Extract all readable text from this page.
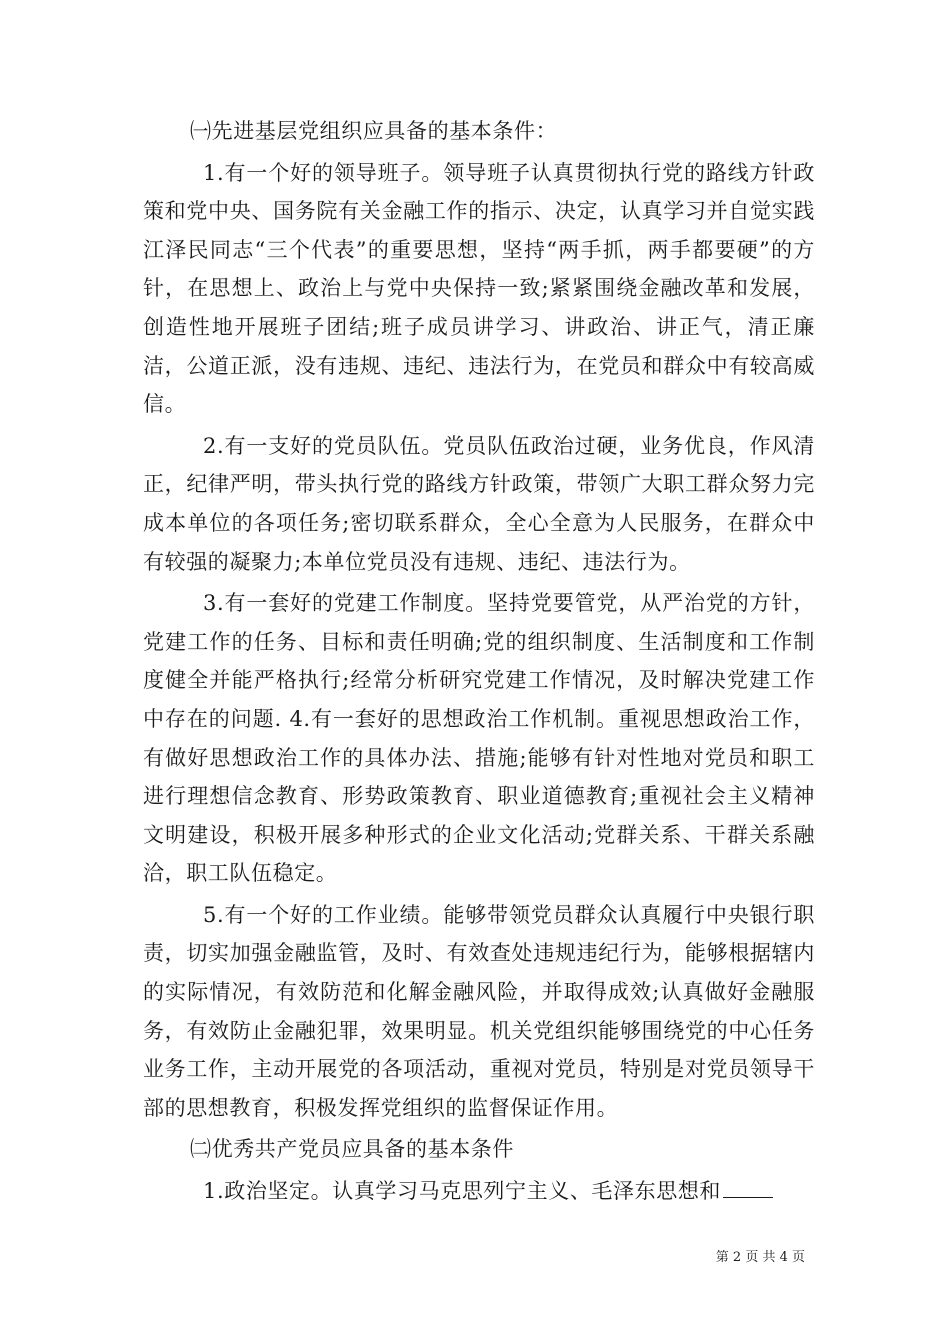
㈠先进基层党组织应具备的基本条件：

1.有一个好的领导班子。领导班子认真贯彻执行党的路线方针政策和党中央、国务院有关金融工作的指示、决定，认真学习并自觉实践江泽民同志“三个代表”的重要思想，坚持“两手抓，两手都要硬”的方针，在思想上、政治上与党中央保持一致;紧紧围绕金融改革和发展，创造性地开展班子团结;班子成员讲学习、讲政治、讲正气，清正廉洁，公道正派，没有违规、违纪、违法行为，在党员和群众中有较高威信。

2.有一支好的党员队伍。党员队伍政治过硬，业务优良，作风清正，纪律严明，带头执行党的路线方针政策，带领广大职工群众努力完成本单位的各项任务;密切联系群众，全心全意为人民服务，在群众中有较强的凝聚力;本单位党员没有违规、违纪、违法行为。

3.有一套好的党建工作制度。坚持党要管党，从严治党的方针，党建工作的任务、目标和责任明确;党的组织制度、生活制度和工作制度健全并能严格执行;经常分析研究党建工作情况，及时解决党建工作中存在的问题. 4.有一套好的思想政治工作机制。重视思想政治工作，有做好思想政治工作的具体办法、措施;能够有针对性地对党员和职工进行理想信念教育、形势政策教育、职业道德教育;重视社会主义精神文明建设，积极开展多种形式的企业文化活动;党群关系、干群关系融洽，职工队伍稳定。

5.有一个好的工作业绩。能够带领党员群众认真履行中央银行职责，切实加强金融监管，及时、有效查处违规违纪行为，能够根据辖内的实际情况，有效防范和化解金融风险，并取得成效;认真做好金融服务，有效防止金融犯罪，效果明显。机关党组织能够围绕党的中心任务业务工作，主动开展党的各项活动，重视对党员，特别是对党员领导干部的思想教育，积极发挥党组织的监督保证作用。

㈡优秀共产党员应具备的基本条件

1.政治坚定。认真学习马克思列宁主义、毛泽东思想和

第 2 页 共 4 页
